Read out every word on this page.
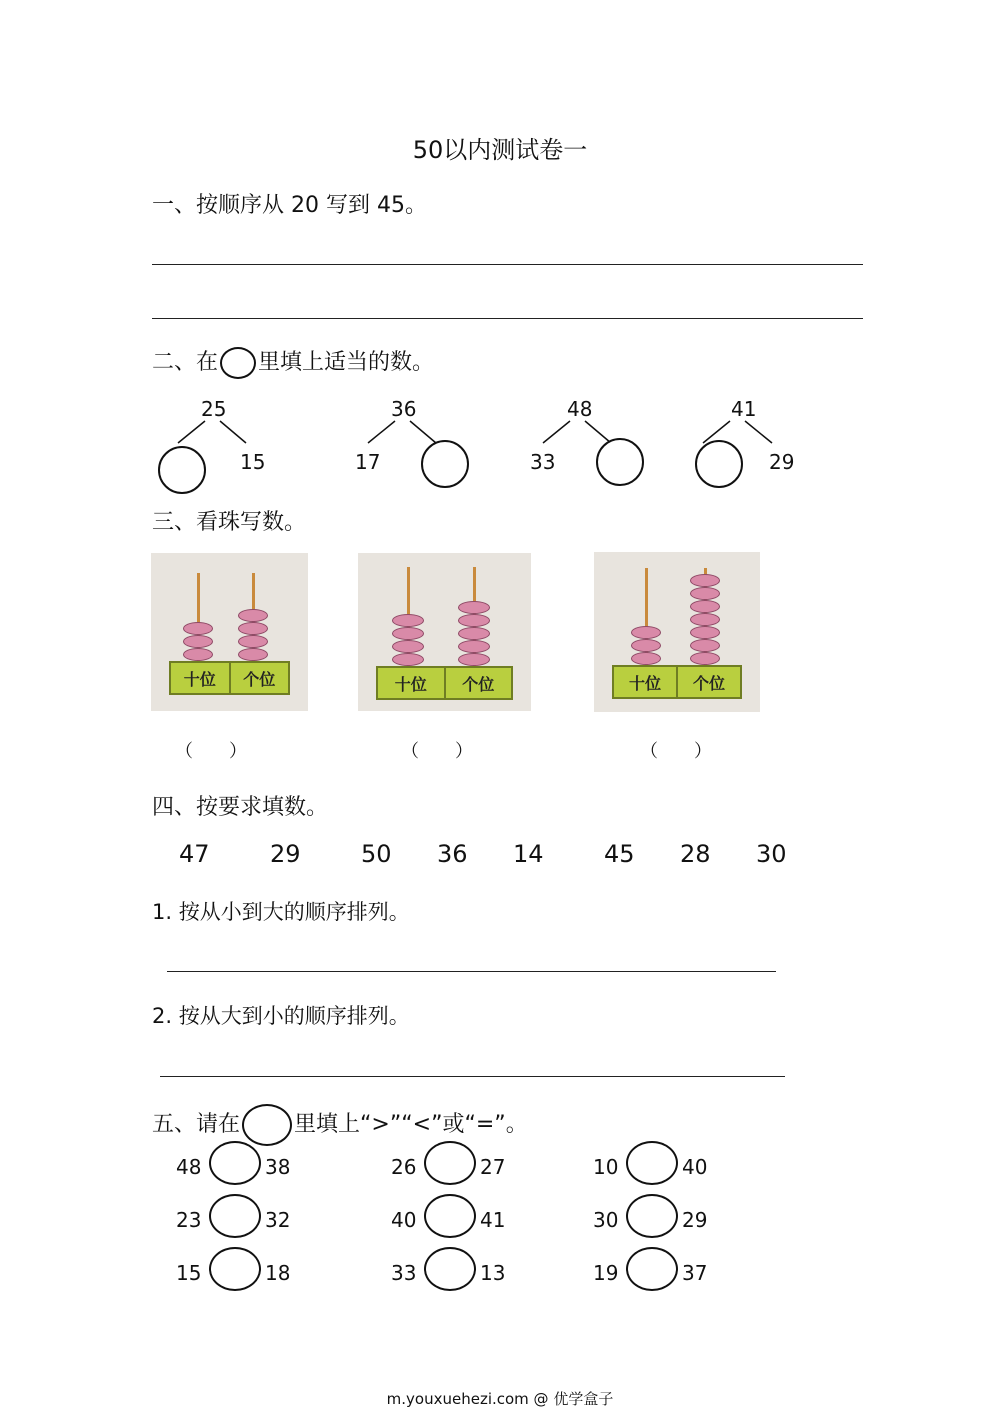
50以内测试卷一
一、按顺序从 20 写到 45。
二、在 里填上适当的数。
25
15
36
17
48
33
41
29
三、看珠写数。
十位	个位	十位	个位	十位	个位
（　　）	（　　）	（　　）
四、按要求填数。
47	29	50 36 14	45 28 30
1. 按从小到大的顺序排列。
2. 按从大到小的顺序排列。
五、请在 里填上“>”“<”或“=”。
48	38	26	27	10	40
23	32	40	41	30	29
15	18	33	13	19	37
m.youxuehezi.com @ 优学盒子
